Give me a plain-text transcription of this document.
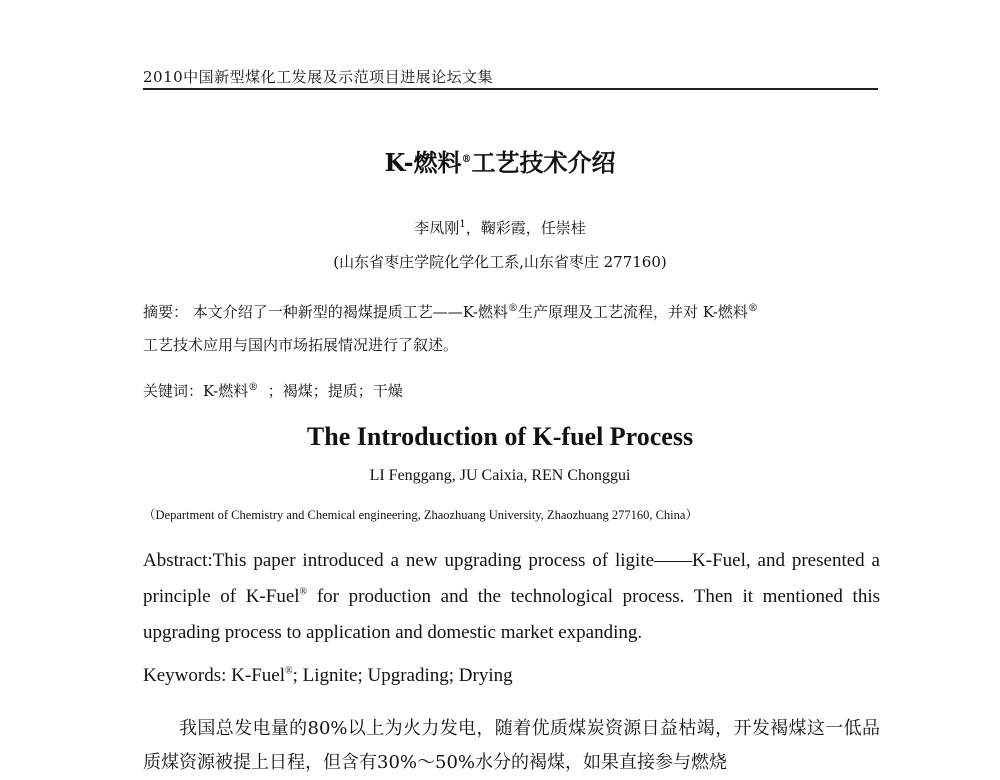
2010中国新型煤化工发展及示范项目进展论坛文集
K-燃料®工艺技术介绍
李凤刚$^1$，鞠彩霞，任崇桂
(山东省枣庄学院化学化工系,山东省枣庄 277160)
摘要： 本文介绍了一种新型的褐煤提质工艺——K-燃料®生产原理及工艺流程，并对 K-燃料®
工艺技术应用与国内市场拓展情况进行了叙述。
关键词：K-燃料® ；褐煤；提质；干燥
The Introduction of K-fuel Process
LI Fenggang, JU Caixia, REN Chonggui
（Department of Chemistry and Chemical engineering, Zhaozhuang University, Zhaozhuang 277160, China）
Abstract:This paper introduced a new upgrading process of ligite——K-Fuel, and presented a principle of K-Fuel® for production and the technological process. Then it mentioned this upgrading process to application and domestic market expanding.
Keywords: K-Fuel®; Lignite; Upgrading; Drying
我国总发电量的80%以上为火力发电，随着优质煤炭资源日益枯竭，开发褐煤这一低品质煤资源被提上日程，但含有30%～50%水分的褐煤，如果直接参与燃烧
